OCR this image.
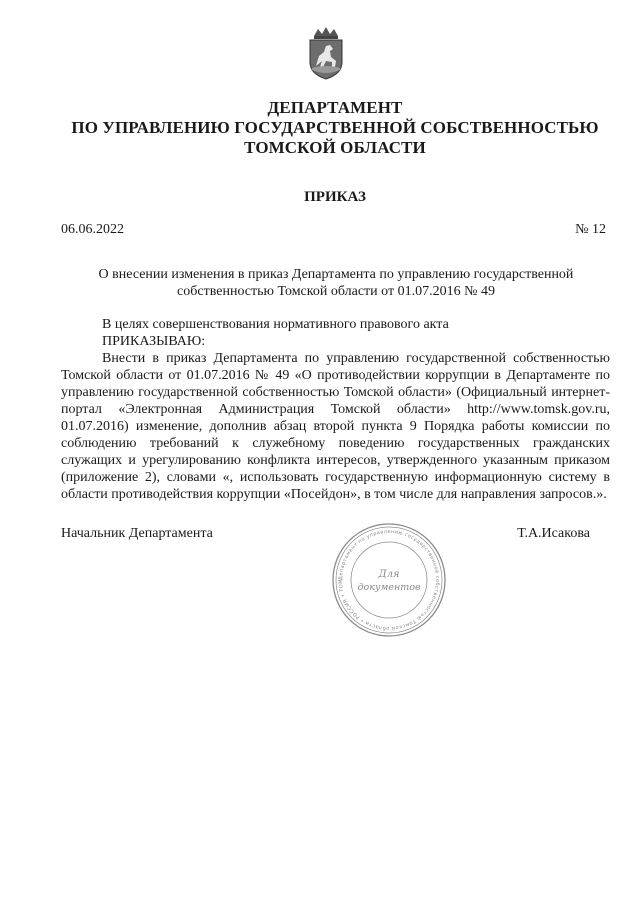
ДЕПАРТАМЕНТ
ПО УПРАВЛЕНИЮ ГОСУДАРСТВЕННОЙ СОБСТВЕННОСТЬЮ
ТОМСКОЙ ОБЛАСТИ
ПРИКАЗ
06.06.2022	№ 12
О внесении изменения в приказ Департамента по управлению государственной
собственностью Томской области от 01.07.2016 № 49
В целях совершенствования нормативного правового акта
ПРИКАЗЫВАЮ:
Внести в приказ Департамента по управлению государственной собственностью Томской области от 01.07.2016 № 49 «О противодействии коррупции в Департаменте по управлению государственной собственностью Томской области» (Официальный интернет-портал «Электронная Администрация Томской области» http://www.tomsk.gov.ru, 01.07.2016) изменение, дополнив абзац второй пункта 9 Порядка работы комиссии по соблюдению требований к служебному поведению государственных гражданских служащих и урегулированию конфликта интересов, утвержденного указанным приказом (приложение 2), словами «, использовать государственную информационную систему в области противодействия коррупции «Посейдон», в том числе для направления запросов.».
Начальник Департамента	Т.А.Исакова
Департамент по управлению государственной собственностью Томской области • РОССИЯ • ТОМ
Для
документов
